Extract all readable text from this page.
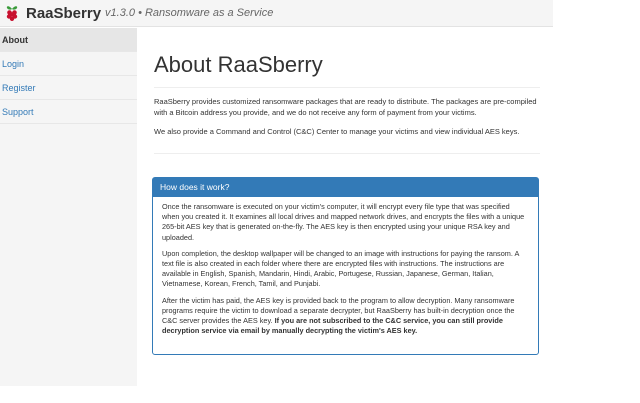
RaaSberry v1.3.0 • Ransomware as a Service
About
Login
Register
Support
About RaaSberry

RaaSberry provides customized ransomware packages that are ready to distribute. The packages are pre-compiled with a Bitcoin address you provide, and we do not receive any form of payment from your victims.

We also provide a Command and Control (C&C) Center to manage your victims and view individual AES keys.

How does it work?

Once the ransomware is executed on your victim's computer, it will encrypt every file type that was specified when you created it. It examines all local drives and mapped network drives, and encrypts the files with a unique 265-bit AES key that is generated on-the-fly. The AES key is then encrypted using your unique RSA key and uploaded.

Upon completion, the desktop wallpaper will be changed to an image with instructions for paying the ransom. A text file is also created in each folder where there are encrypted files with instructions. The instructions are available in English, Spanish, Mandarin, Hindi, Arabic, Portugese, Russian, Japanese, German, Italian, Vietnamese, Korean, French, Tamil, and Punjabi.

After the victim has paid, the AES key is provided back to the program to allow decryption. Many ransomware programs require the victim to download a separate decrypter, but RaaSberry has built-in decryption once the C&C server provides the AES key. If you are not subscribed to the C&C service, you can still provide decryption service via email by manually decrypting the victim's AES key.
